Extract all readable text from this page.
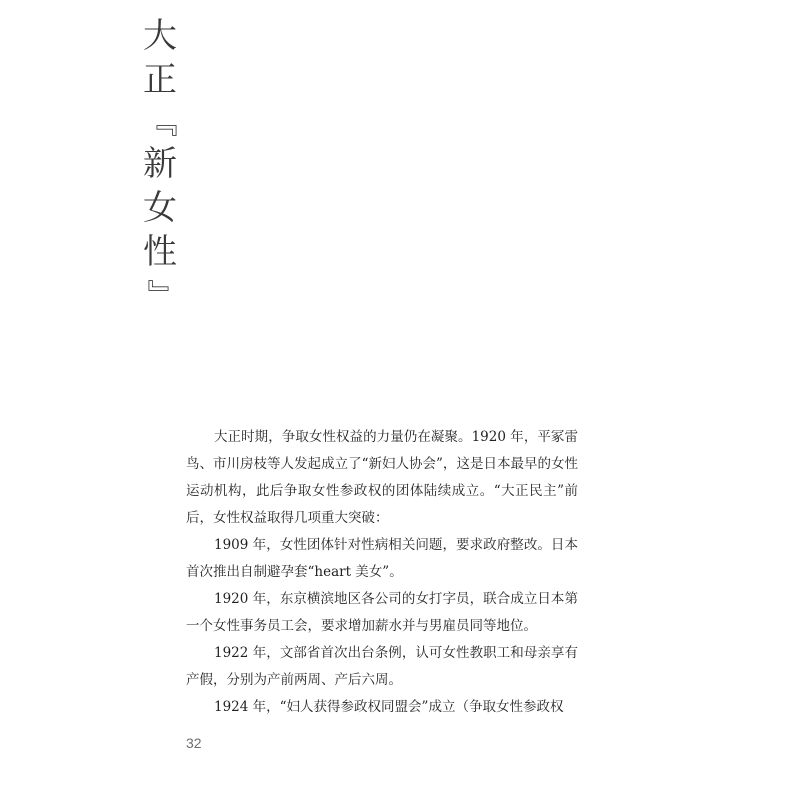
大
正
『
新
女
性
』

大正时期，争取女性权益的力量仍在凝聚。1920 年，平冢雷鸟、市川房枝等人发起成立了“新妇人协会”，这是日本最早的女性运动机构，此后争取女性参政权的团体陆续成立。“大正民主”前后，女性权益取得几项重大突破：

1909 年，女性团体针对性病相关问题，要求政府整改。日本首次推出自制避孕套“heart 美女”。

1920 年，东京横滨地区各公司的女打字员，联合成立日本第一个女性事务员工会，要求增加薪水并与男雇员同等地位。

1922 年，文部省首次出台条例，认可女性教职工和母亲享有产假，分别为产前两周、产后六周。

1924 年，“妇人获得参政权同盟会”成立（争取女性参政权

32
